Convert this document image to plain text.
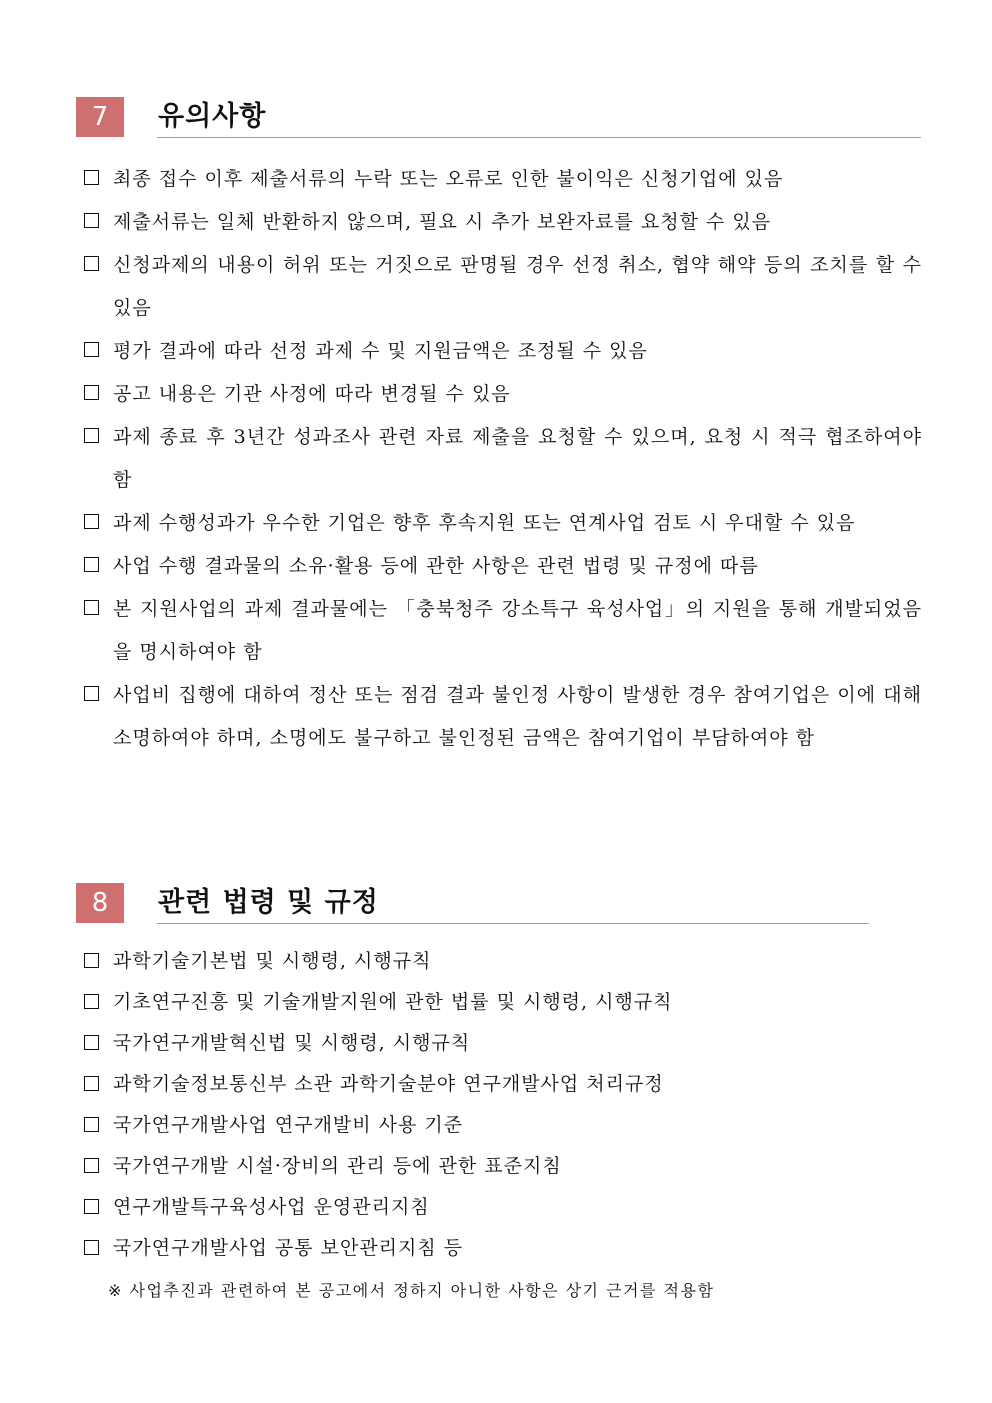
7	유의사항
최종 접수 이후 제출서류의 누락 또는 오류로 인한 불이익은 신청기업에 있음
제출서류는 일체 반환하지 않으며, 필요 시 추가 보완자료를 요청할 수 있음
신청과제의 내용이 허위 또는 거짓으로 판명될 경우 선정 취소, 협약 해약 등의 조치를 할 수 있음
평가 결과에 따라 선정 과제 수 및 지원금액은 조정될 수 있음
공고 내용은 기관 사정에 따라 변경될 수 있음
과제 종료 후 3년간 성과조사 관련 자료 제출을 요청할 수 있으며, 요청 시 적극 협조하여야 함
과제 수행성과가 우수한 기업은 향후 후속지원 또는 연계사업 검토 시 우대할 수 있음
사업 수행 결과물의 소유·활용 등에 관한 사항은 관련 법령 및 규정에 따름
본 지원사업의 과제 결과물에는 「충북청주 강소특구 육성사업」의 지원을 통해 개발되었음을 명시하여야 함
사업비 집행에 대하여 정산 또는 점검 결과 불인정 사항이 발생한 경우 참여기업은 이에 대해 소명하여야 하며, 소명에도 불구하고 불인정된 금액은 참여기업이 부담하여야 함
8	관련 법령 및 규정
과학기술기본법 및 시행령, 시행규칙
기초연구진흥 및 기술개발지원에 관한 법률 및 시행령, 시행규칙
국가연구개발혁신법 및 시행령, 시행규칙
과학기술정보통신부 소관 과학기술분야 연구개발사업 처리규정
국가연구개발사업 연구개발비 사용 기준
국가연구개발 시설·장비의 관리 등에 관한 표준지침
연구개발특구육성사업 운영관리지침
국가연구개발사업 공통 보안관리지침 등
※ 사업추진과 관련하여 본 공고에서 정하지 아니한 사항은 상기 근거를 적용함
